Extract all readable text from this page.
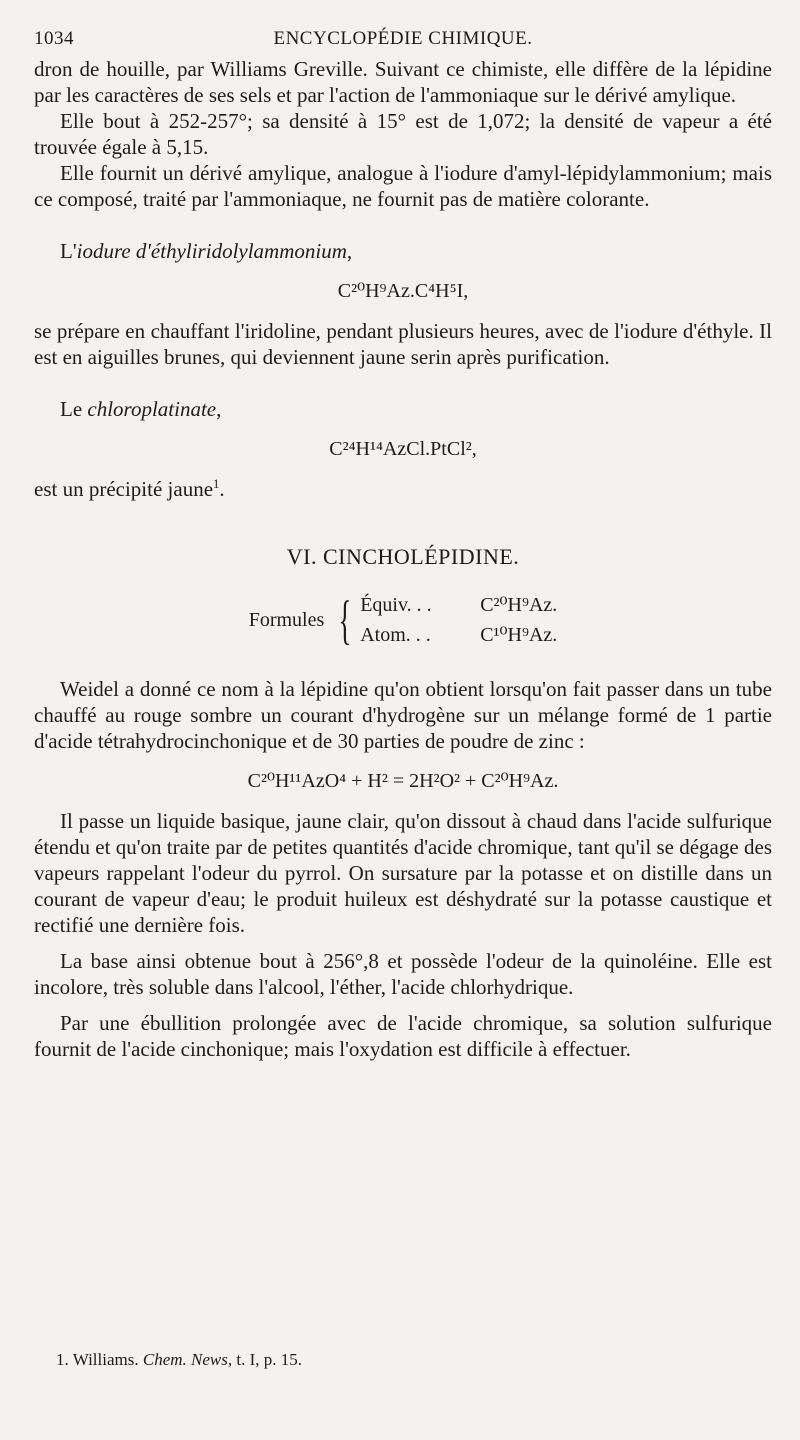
1034	ENCYCLOPÉDIE CHIMIQUE.

dron de houille, par Williams Greville. Suivant ce chimiste, elle diffère de la lépidine par les caractères de ses sels et par l'action de l'ammoniaque sur le dérivé amylique.

Elle bout à 252-257°; sa densité à 15° est de 1,072; la densité de vapeur a été trouvée égale à 5,15.

Elle fournit un dérivé amylique, analogue à l'iodure d'amyl-lépidylammonium; mais ce composé, traité par l'ammoniaque, ne fournit pas de matière colorante.

L'iodure d'éthyliridolylammonium,
C²⁰H⁹Az.C⁴H⁵I,

se prépare en chauffant l'iridoline, pendant plusieurs heures, avec de l'iodure d'éthyle. Il est en aiguilles brunes, qui deviennent jaune serin après purification.

Le chloroplatinate,
C²⁴H¹⁴AzCl.PtCl²,

est un précipité jaune$^1$.

VI. CINCHOLÉPIDINE.
Formules { Équiv. . .	C²⁰H⁹Az.
Atom. . .	C¹⁰H⁹Az.

Weidel a donné ce nom à la lépidine qu'on obtient lorsqu'on fait passer dans un tube chauffé au rouge sombre un courant d'hydrogène sur un mélange formé de 1 partie d'acide tétrahydrocinchonique et de 30 parties de poudre de zinc :

C²⁰H¹¹AzO⁴ + H² = 2H²O² + C²⁰H⁹Az.

Il passe un liquide basique, jaune clair, qu'on dissout à chaud dans l'acide sulfurique étendu et qu'on traite par de petites quantités d'acide chromique, tant qu'il se dégage des vapeurs rappelant l'odeur du pyrrol. On sursature par la potasse et on distille dans un courant de vapeur d'eau; le produit huileux est déshydraté sur la potasse caustique et rectifié une dernière fois.

La base ainsi obtenue bout à 256°,8 et possède l'odeur de la quinoléine. Elle est incolore, très soluble dans l'alcool, l'éther, l'acide chlorhydrique.

Par une ébullition prolongée avec de l'acide chromique, sa solution sulfurique fournit de l'acide cinchonique; mais l'oxydation est difficile à effectuer.

1. Williams. Chem. News, t. I, p. 15.
